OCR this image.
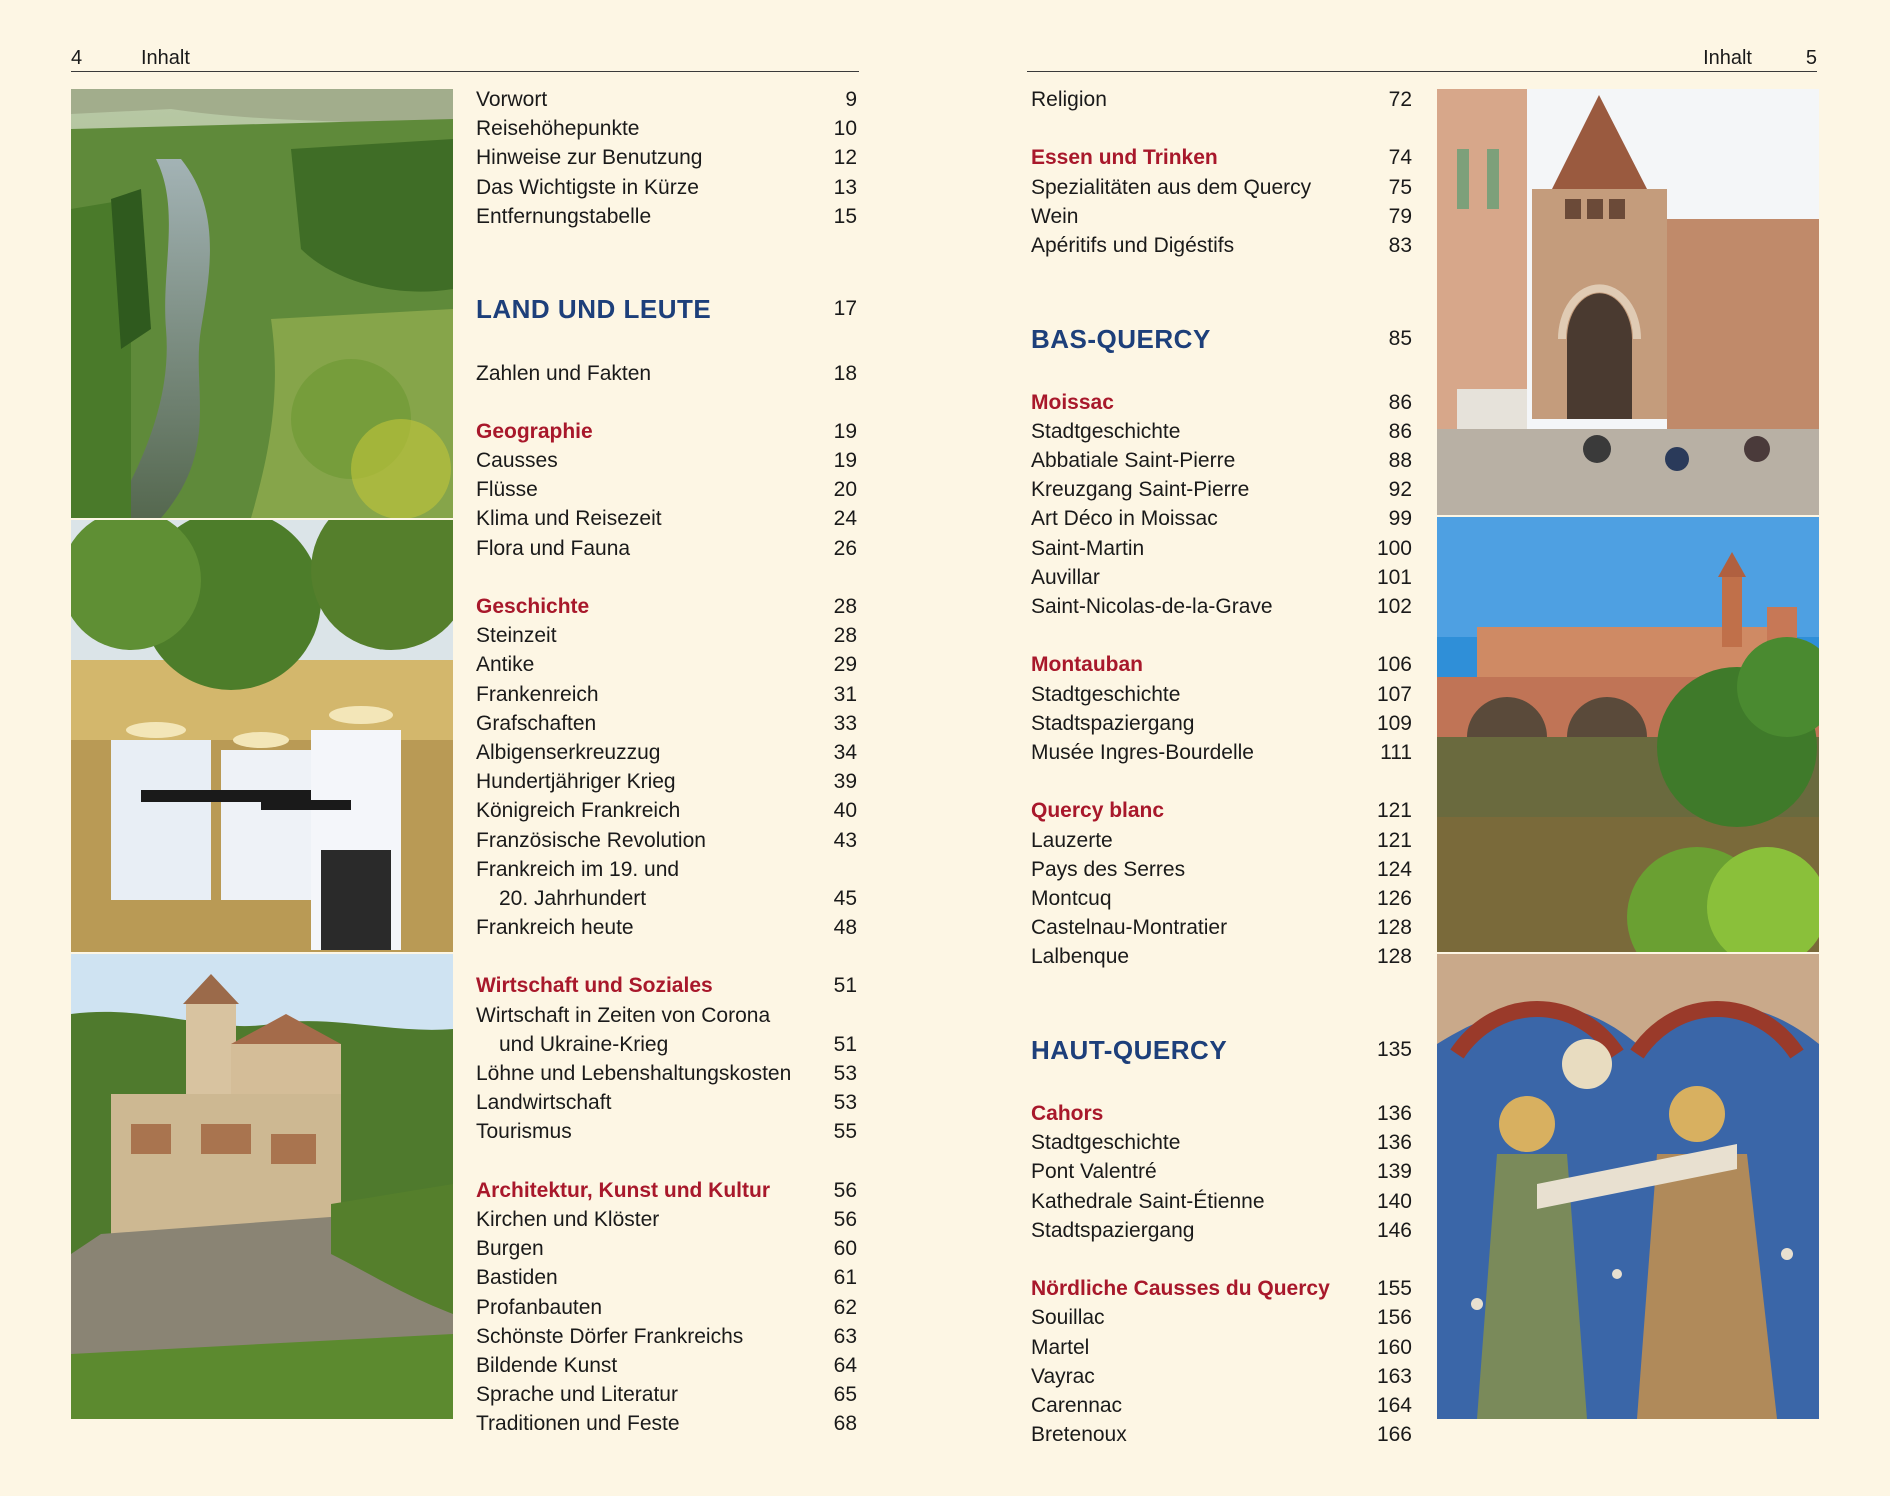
4	Inhalt	Inhalt	5
Vorwort	9
Reisehöhepunkte	10
Hinweise zur Benutzung	12
Das Wichtigste in Kürze	13
Entfernungstabelle	15
LAND UND LEUTE	17
Zahlen und Fakten	18
Geographie	19
Causses	19
Flüsse	20
Klima und Reisezeit	24
Flora und Fauna	26
Geschichte	28
Steinzeit	28
Antike	29
Frankenreich	31
Grafschaften	33
Albigenserkreuzzug	34
Hundertjähriger Krieg	39
Königreich Frankreich	40
Französische Revolution	43
Frankreich im 19. und
20. Jahrhundert	45
Frankreich heute	48
Wirtschaft und Soziales	51
Wirtschaft in Zeiten von Corona
und Ukraine-Krieg	51
Löhne und Lebenshaltungskosten 53
Landwirtschaft	53
Tourismus	55
Architektur, Kunst und Kultur	56
Kirchen und Klöster	56
Burgen	60
Bastiden	61
Profanbauten	62
Schönste Dörfer Frankreichs	63
Bildende Kunst	64
Sprache und Literatur	65
Traditionen und Feste	68
Religion	72
Essen und Trinken	74
Spezialitäten aus dem Quercy	75
Wein	79
Apéritifs und Digéstifs	83
BAS-QUERCY	85
Moissac	86
Stadtgeschichte	86
Abbatiale Saint-Pierre	88
Kreuzgang Saint-Pierre	92
Art Déco in Moissac	99
Saint-Martin	100
Auvillar	101
Saint-Nicolas-de-la-Grave	102
Montauban	106
Stadtgeschichte	107
Stadtspaziergang	109
Musée Ingres-Bourdelle	111
Quercy blanc	121
Lauzerte	121
Pays des Serres	124
Montcuq	126
Castelnau-Montratier	128
Lalbenque	128
HAUT-QUERCY	135
Cahors	136
Stadtgeschichte	136
Pont Valentré	139
Kathedrale Saint-Étienne	140
Stadtspaziergang	146
Nördliche Causses du Quercy 155
Souillac	156
Martel	160
Vayrac	163
Carennac	164
Bretenoux	166
